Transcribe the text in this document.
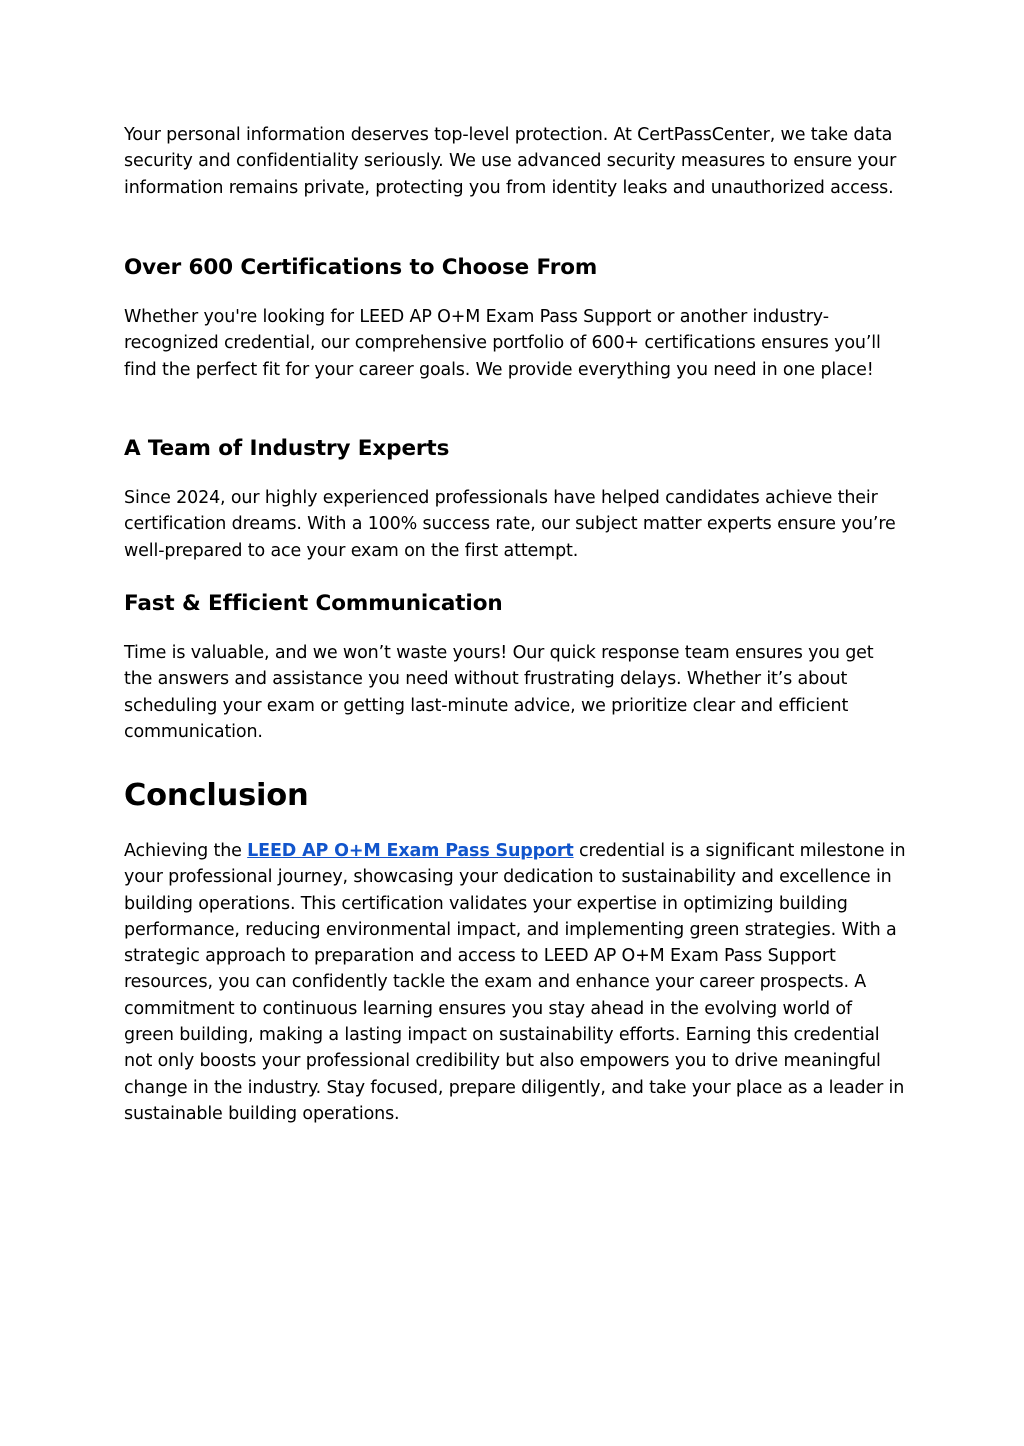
Your personal information deserves top-level protection. At CertPassCenter, we take data security and confidentiality seriously. We use advanced security measures to ensure your information remains private, protecting you from identity leaks and unauthorized access.

Over 600 Certifications to Choose From

Whether you're looking for LEED AP O+M Exam Pass Support or another industry-recognized credential, our comprehensive portfolio of 600+ certifications ensures you’ll find the perfect fit for your career goals. We provide everything you need in one place!

A Team of Industry Experts

Since 2024, our highly experienced professionals have helped candidates achieve their certification dreams. With a 100% success rate, our subject matter experts ensure you’re well-prepared to ace your exam on the first attempt.

Fast & Efficient Communication

Time is valuable, and we won’t waste yours! Our quick response team ensures you get the answers and assistance you need without frustrating delays. Whether it’s about scheduling your exam or getting last-minute advice, we prioritize clear and efficient communication.

Conclusion

Achieving the LEED AP O+M Exam Pass Support credential is a significant milestone in your professional journey, showcasing your dedication to sustainability and excellence in building operations. This certification validates your expertise in optimizing building performance, reducing environmental impact, and implementing green strategies. With a strategic approach to preparation and access to LEED AP O+M Exam Pass Support resources, you can confidently tackle the exam and enhance your career prospects. A commitment to continuous learning ensures you stay ahead in the evolving world of green building, making a lasting impact on sustainability efforts. Earning this credential not only boosts your professional credibility but also empowers you to drive meaningful change in the industry. Stay focused, prepare diligently, and take your place as a leader in sustainable building operations.
